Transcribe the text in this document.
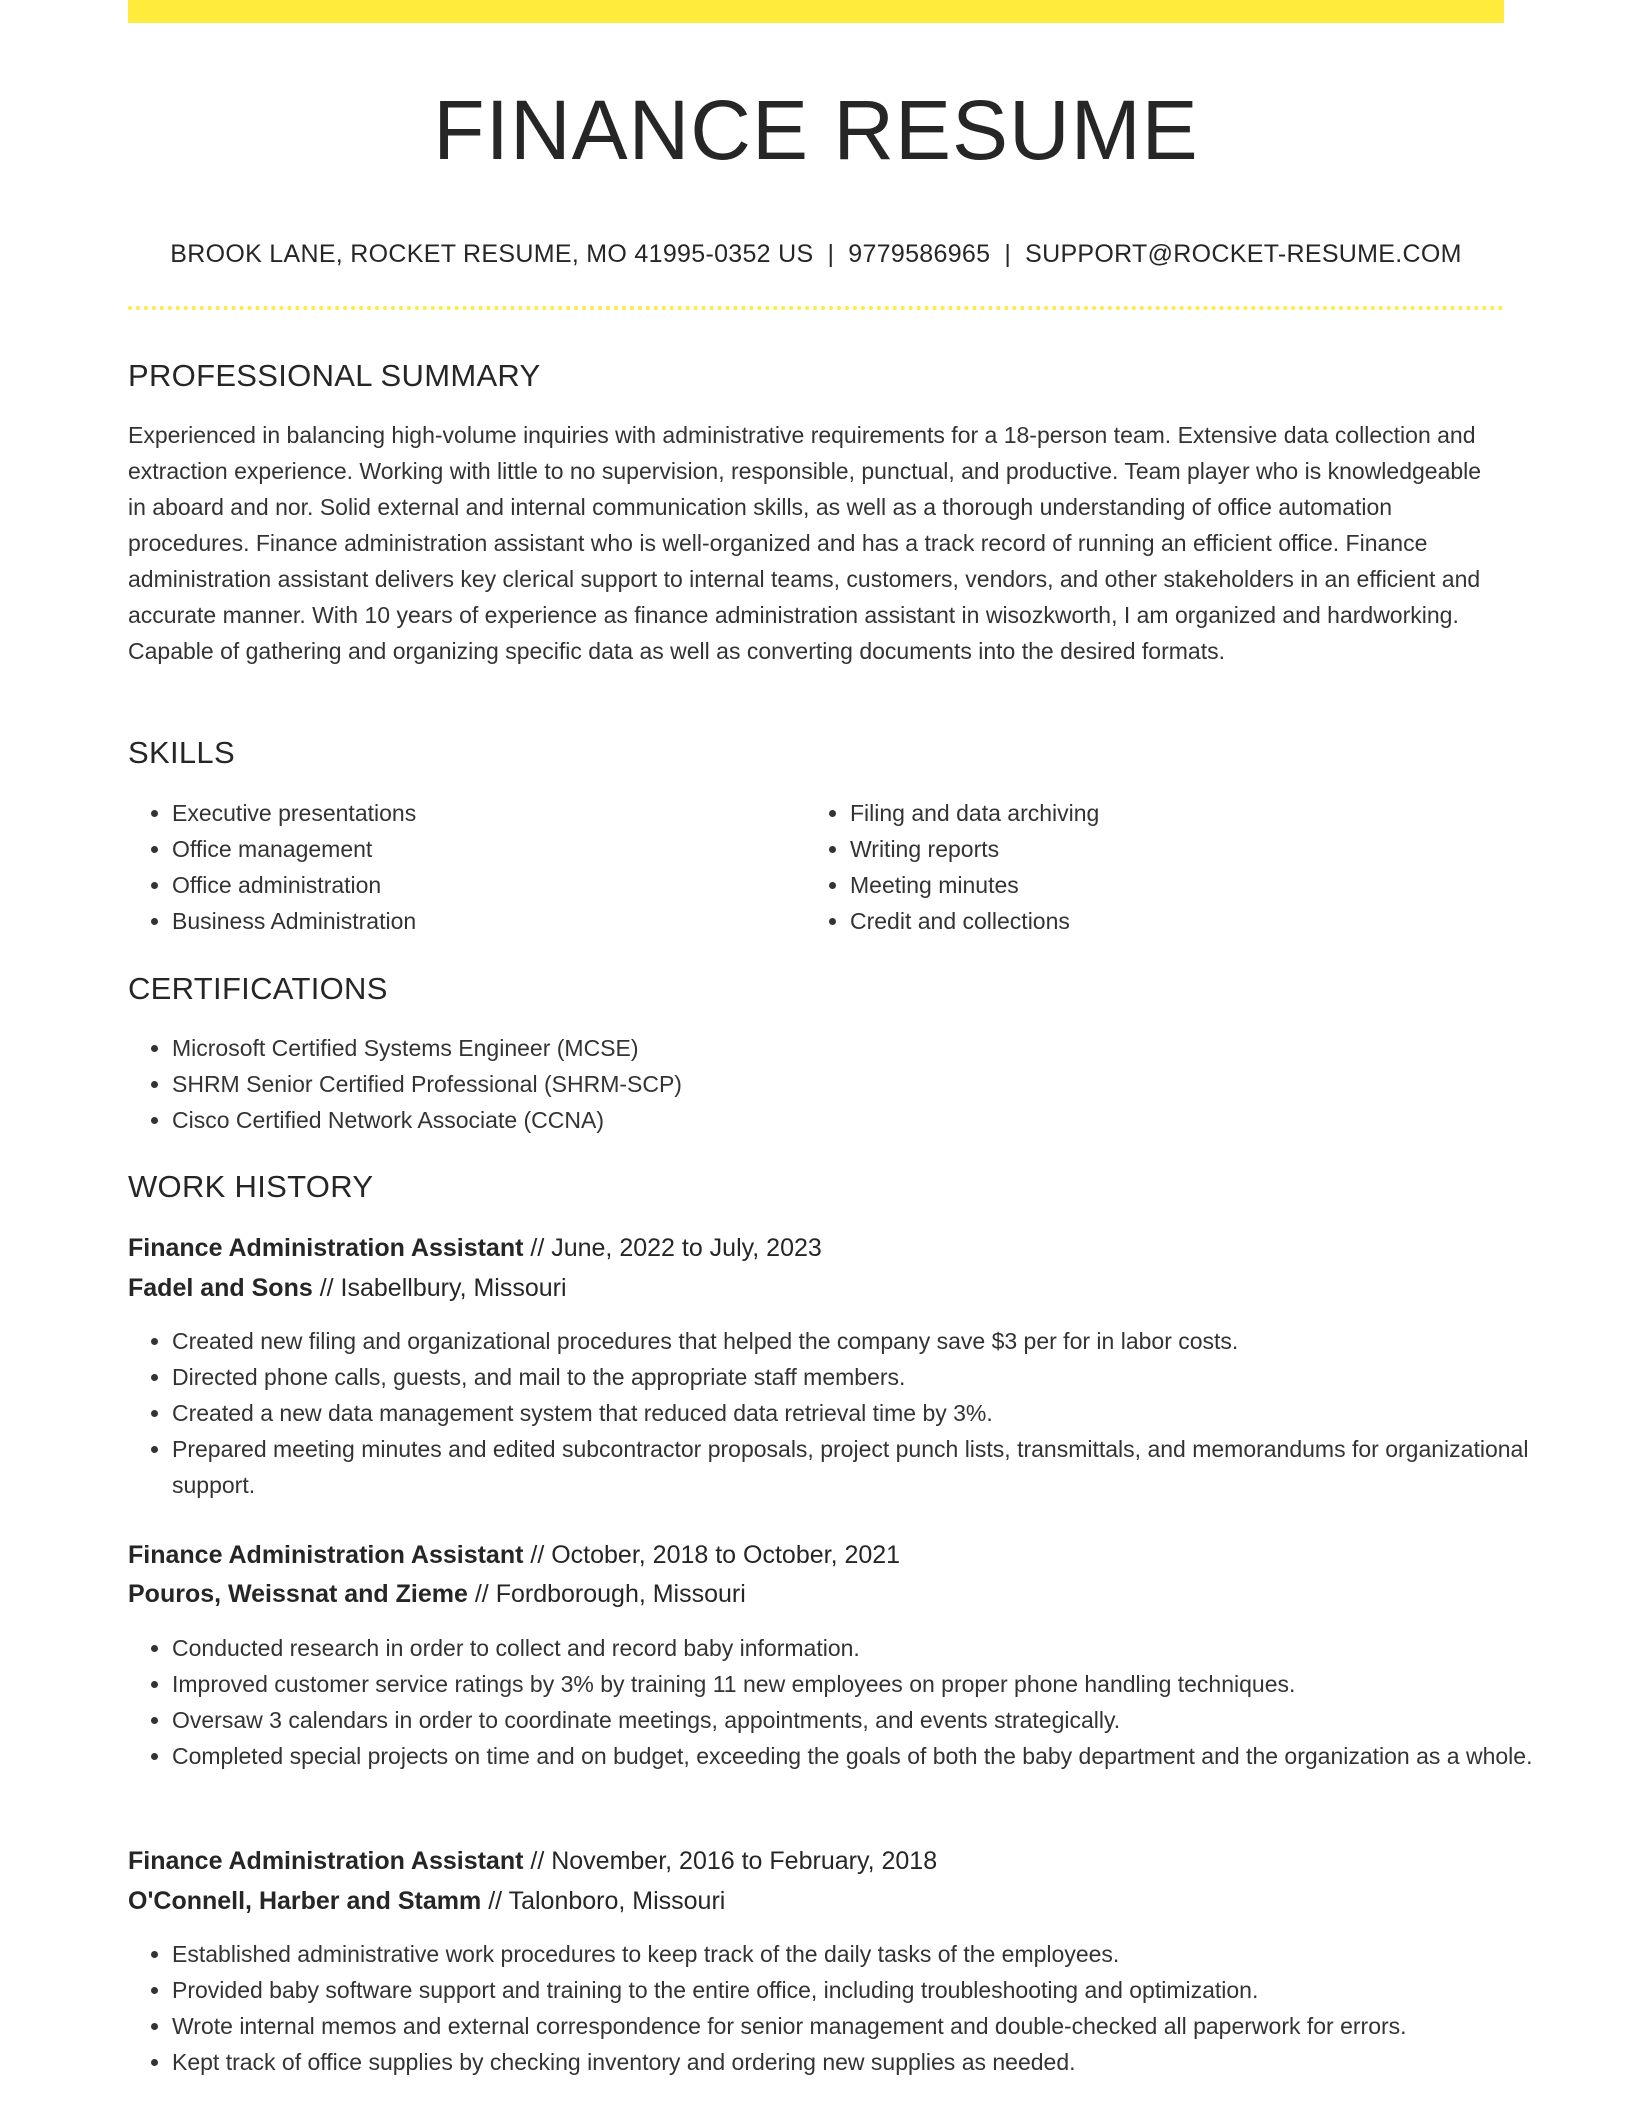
FINANCE RESUME
BROOK LANE, ROCKET RESUME, MO 41995-0352 US | 9779586965 | SUPPORT@ROCKET-RESUME.COM
PROFESSIONAL SUMMARY

Experienced in balancing high-volume inquiries with administrative requirements for a 18-person team. Extensive data collection and extraction experience. Working with little to no supervision, responsible, punctual, and productive. Team player who is knowledgeable in aboard and nor. Solid external and internal communication skills, as well as a thorough understanding of office automation procedures. Finance administration assistant who is well-organized and has a track record of running an efficient office. Finance administration assistant delivers key clerical support to internal teams, customers, vendors, and other stakeholders in an efficient and accurate manner. With 10 years of experience as finance administration assistant in wisozkworth, I am organized and hardworking. Capable of gathering and organizing specific data as well as converting documents into the desired formats.

SKILLS
• Executive presentations
• Office management
• Office administration
• Business Administration
• Filing and data archiving
• Writing reports
• Meeting minutes
• Credit and collections
CERTIFICATIONS
• Microsoft Certified Systems Engineer (MCSE)
• SHRM Senior Certified Professional (SHRM-SCP)
• Cisco Certified Network Associate (CCNA)
WORK HISTORY
Finance Administration Assistant // June, 2022 to July, 2023
Fadel and Sons // Isabellbury, Missouri
• Created new filing and organizational procedures that helped the company save $3 per for in labor costs.
• Directed phone calls, guests, and mail to the appropriate staff members.
• Created a new data management system that reduced data retrieval time by 3%.
• Prepared meeting minutes and edited subcontractor proposals, project punch lists, transmittals, and memorandums for organizational support.
Finance Administration Assistant // October, 2018 to October, 2021
Pouros, Weissnat and Zieme // Fordborough, Missouri
• Conducted research in order to collect and record baby information.
• Improved customer service ratings by 3% by training 11 new employees on proper phone handling techniques.
• Oversaw 3 calendars in order to coordinate meetings, appointments, and events strategically.
• Completed special projects on time and on budget, exceeding the goals of both the baby department and the organization as a whole.
Finance Administration Assistant // November, 2016 to February, 2018
O'Connell, Harber and Stamm // Talonboro, Missouri
• Established administrative work procedures to keep track of the daily tasks of the employees.
• Provided baby software support and training to the entire office, including troubleshooting and optimization.
• Wrote internal memos and external correspondence for senior management and double-checked all paperwork for errors.
• Kept track of office supplies by checking inventory and ordering new supplies as needed.
